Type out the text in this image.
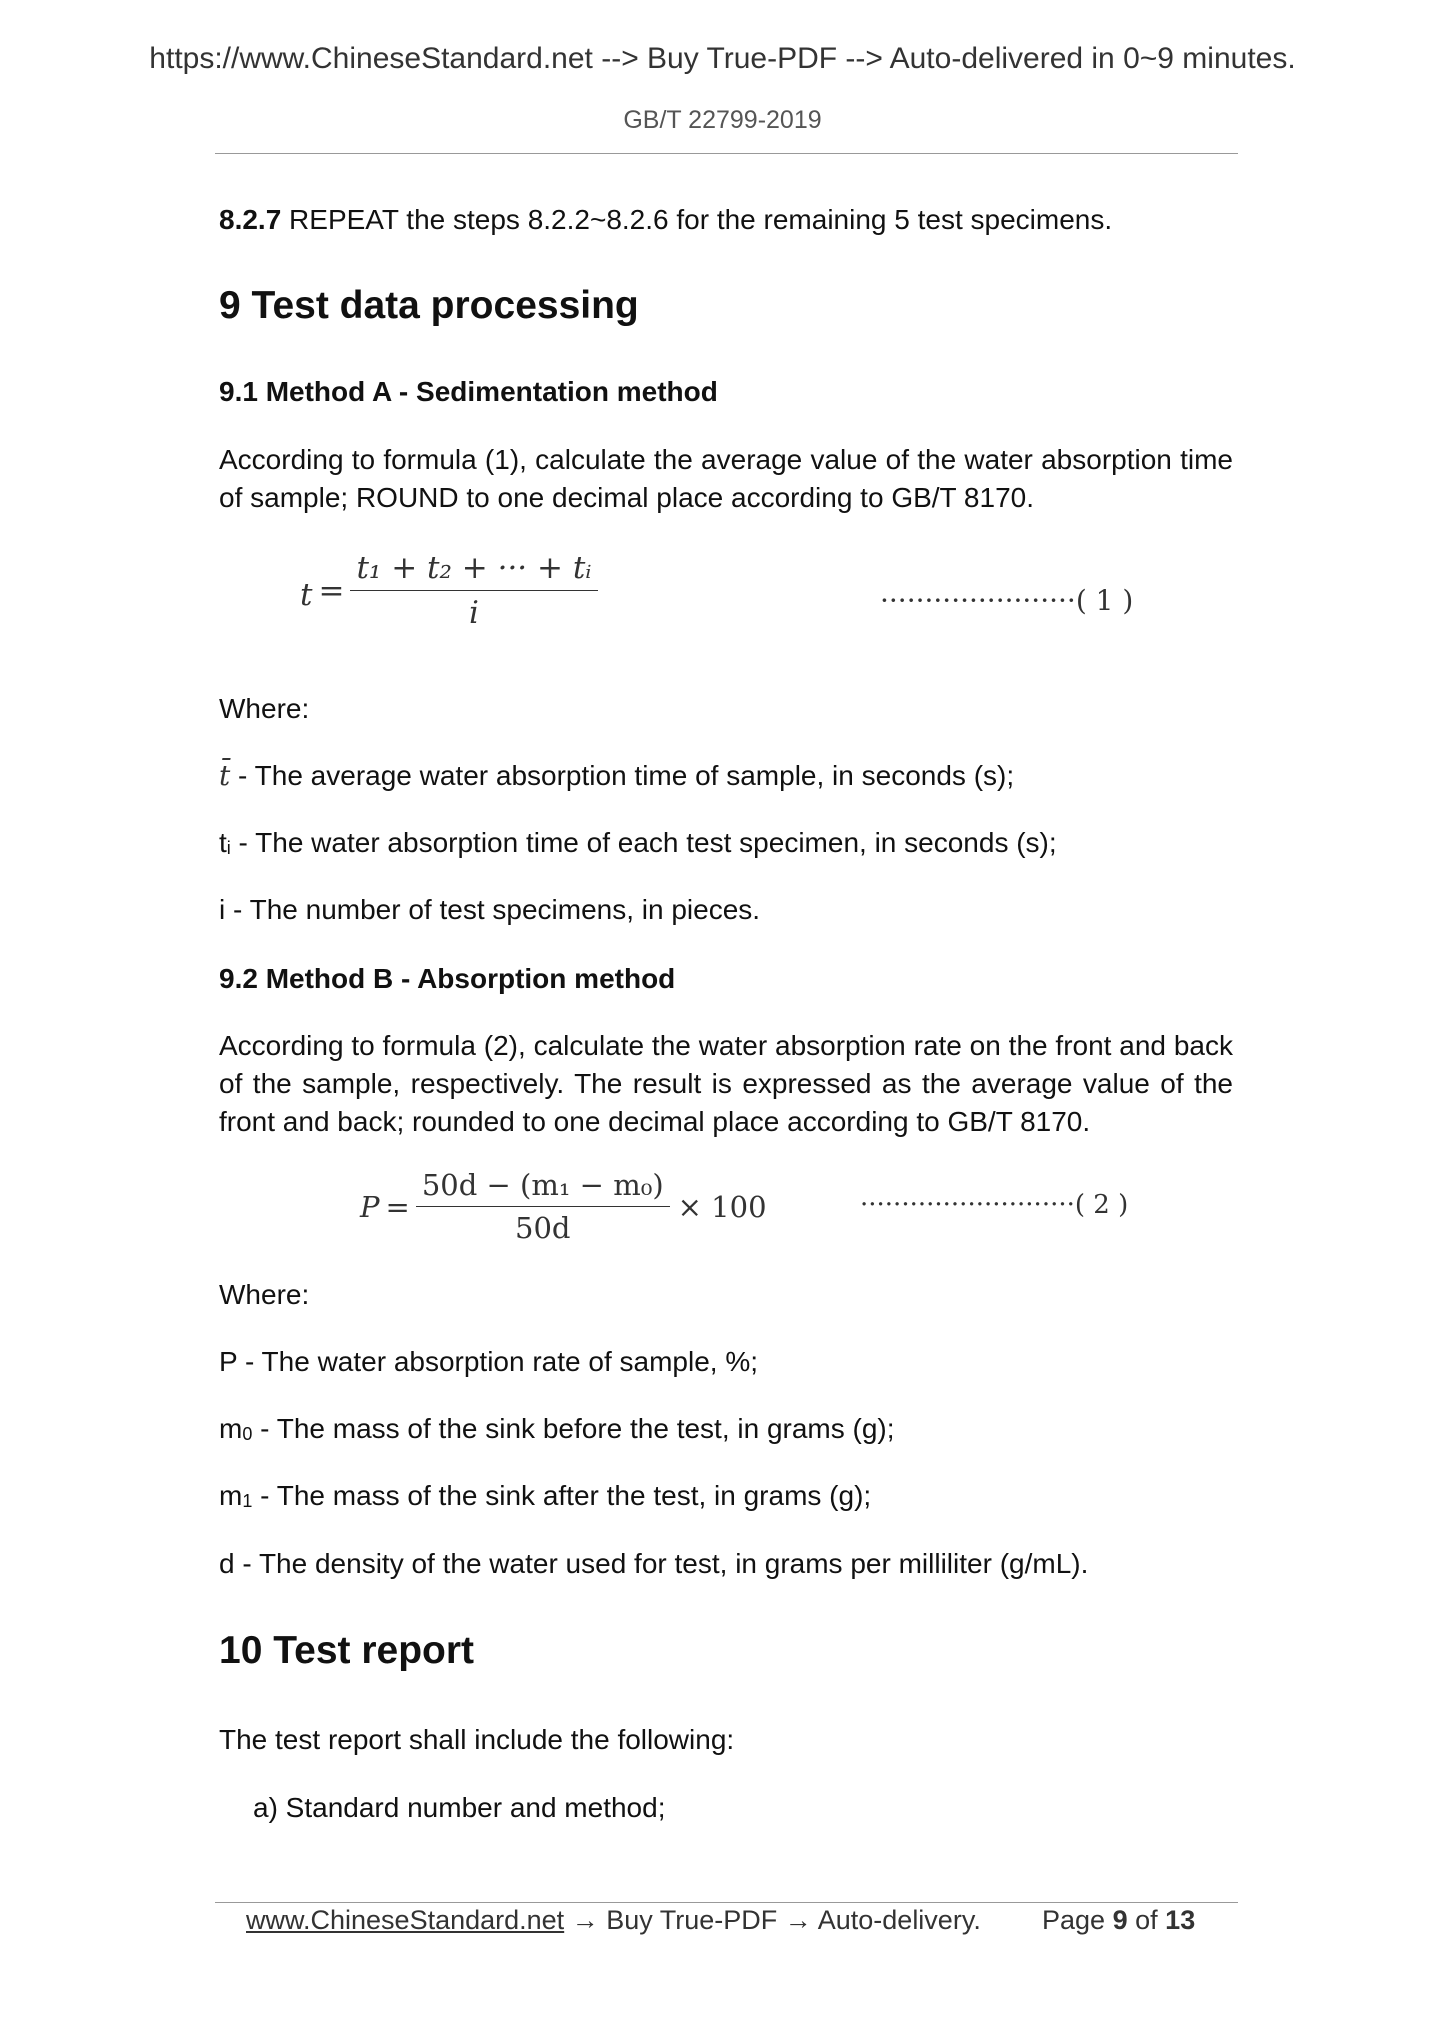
https://www.ChineseStandard.net --> Buy True-PDF --> Auto-delivered in 0~9 minutes.
GB/T 22799-2019
8.2.7 REPEAT the steps 8.2.2~8.2.6 for the remaining 5 test specimens.
9 Test data processing
9.1 Method A - Sedimentation method
According to formula (1), calculate the average value of the water absorption time of sample; ROUND to one decimal place according to GB/T 8170.
$t = \frac{\text{t₁ + t₂ + ··· + tᵢ}}{i}$	······················( 1 )
Where:
t̄ - The average water absorption time of sample, in seconds (s);
ti - The water absorption time of each test specimen, in seconds (s);
i - The number of test specimens, in pieces.
9.2 Method B - Absorption method
According to formula (2), calculate the water absorption rate on the front and back of the sample, respectively. The result is expressed as the average value of the front and back; rounded to one decimal place according to GB/T 8170.
$P = \frac{\text{50d − (m₁ − m₀)}}{50d} \times 100$	··························( 2 )
Where:
P - The water absorption rate of sample, %;
m0 - The mass of the sink before the test, in grams (g);
m1 - The mass of the sink after the test, in grams (g);
d - The density of the water used for test, in grams per milliliter (g/mL).
10 Test report
The test report shall include the following:
a) Standard number and method;
www.ChineseStandard.net → Buy True-PDF → Auto-delivery. Page 9 of 13
